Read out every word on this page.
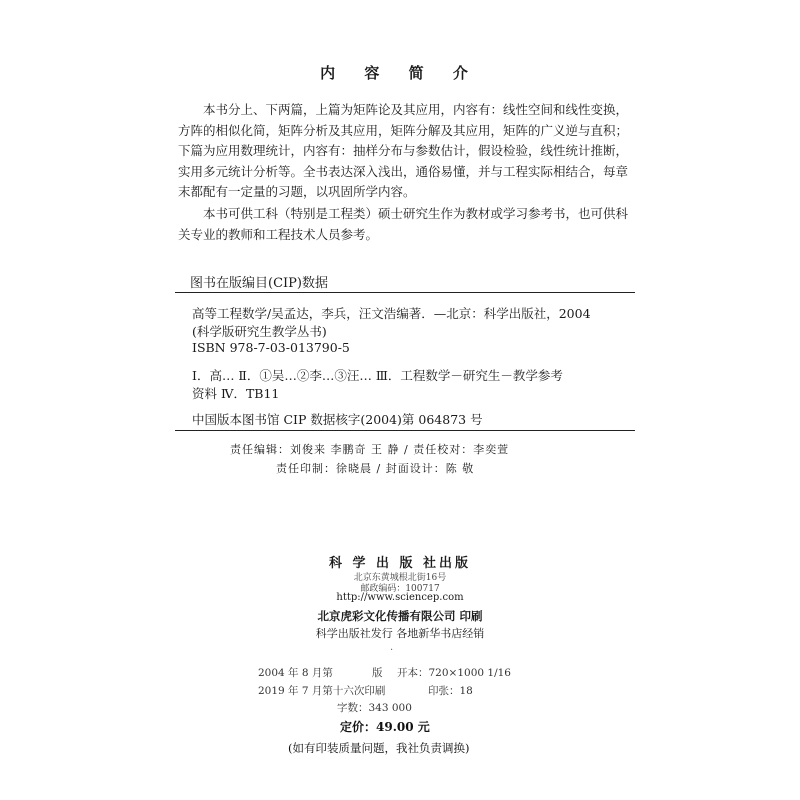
内 容 简 介

本书分上、下两篇，上篇为矩阵论及其应用，内容有：线性空间和线性变换，方阵的相似化简，矩阵分析及其应用，矩阵分解及其应用，矩阵的广义逆与直积；下篇为应用数理统计，内容有：抽样分布与参数估计，假设检验，线性统计推断，实用多元统计分析等。全书表达深入浅出，通俗易懂，并与工程实际相结合，每章末都配有一定量的习题，以巩固所学内容。

本书可供工科（特别是工程类）硕士研究生作为教材或学习参考书，也可供科关专业的教师和工程技术人员参考。

图书在版编目(CIP)数据
高等工程数学/吴孟达，李兵，汪文浩编著．—北京：科学出版社，2004
(科学版研究生教学丛书)
ISBN 978-7-03-013790-5
Ⅰ．高… Ⅱ．①吴…②李…③汪… Ⅲ．工程数学－研究生－教学参考
资料 Ⅳ．TB11
中国版本图书馆 CIP 数据核字(2004)第 064873 号
责任编辑：刘俊来 李鹏奇 王 静 / 责任校对：李奕萱
责任印制：徐晓晨 / 封面设计：陈 敬
科 学 出 版 社出版
北京东黄城根北街16号
邮政编码：100717
http://www.sciencep.com
北京虎彩文化传播有限公司 印刷
科学出版社发行 各地新华书店经销
·
2004 年 8 月第	版 开本：720×1000 1/16
2019 年 7 月第十六次印刷	印张：18
字数：343 000
定价：49.00 元
(如有印装质量问题，我社负责调换)
